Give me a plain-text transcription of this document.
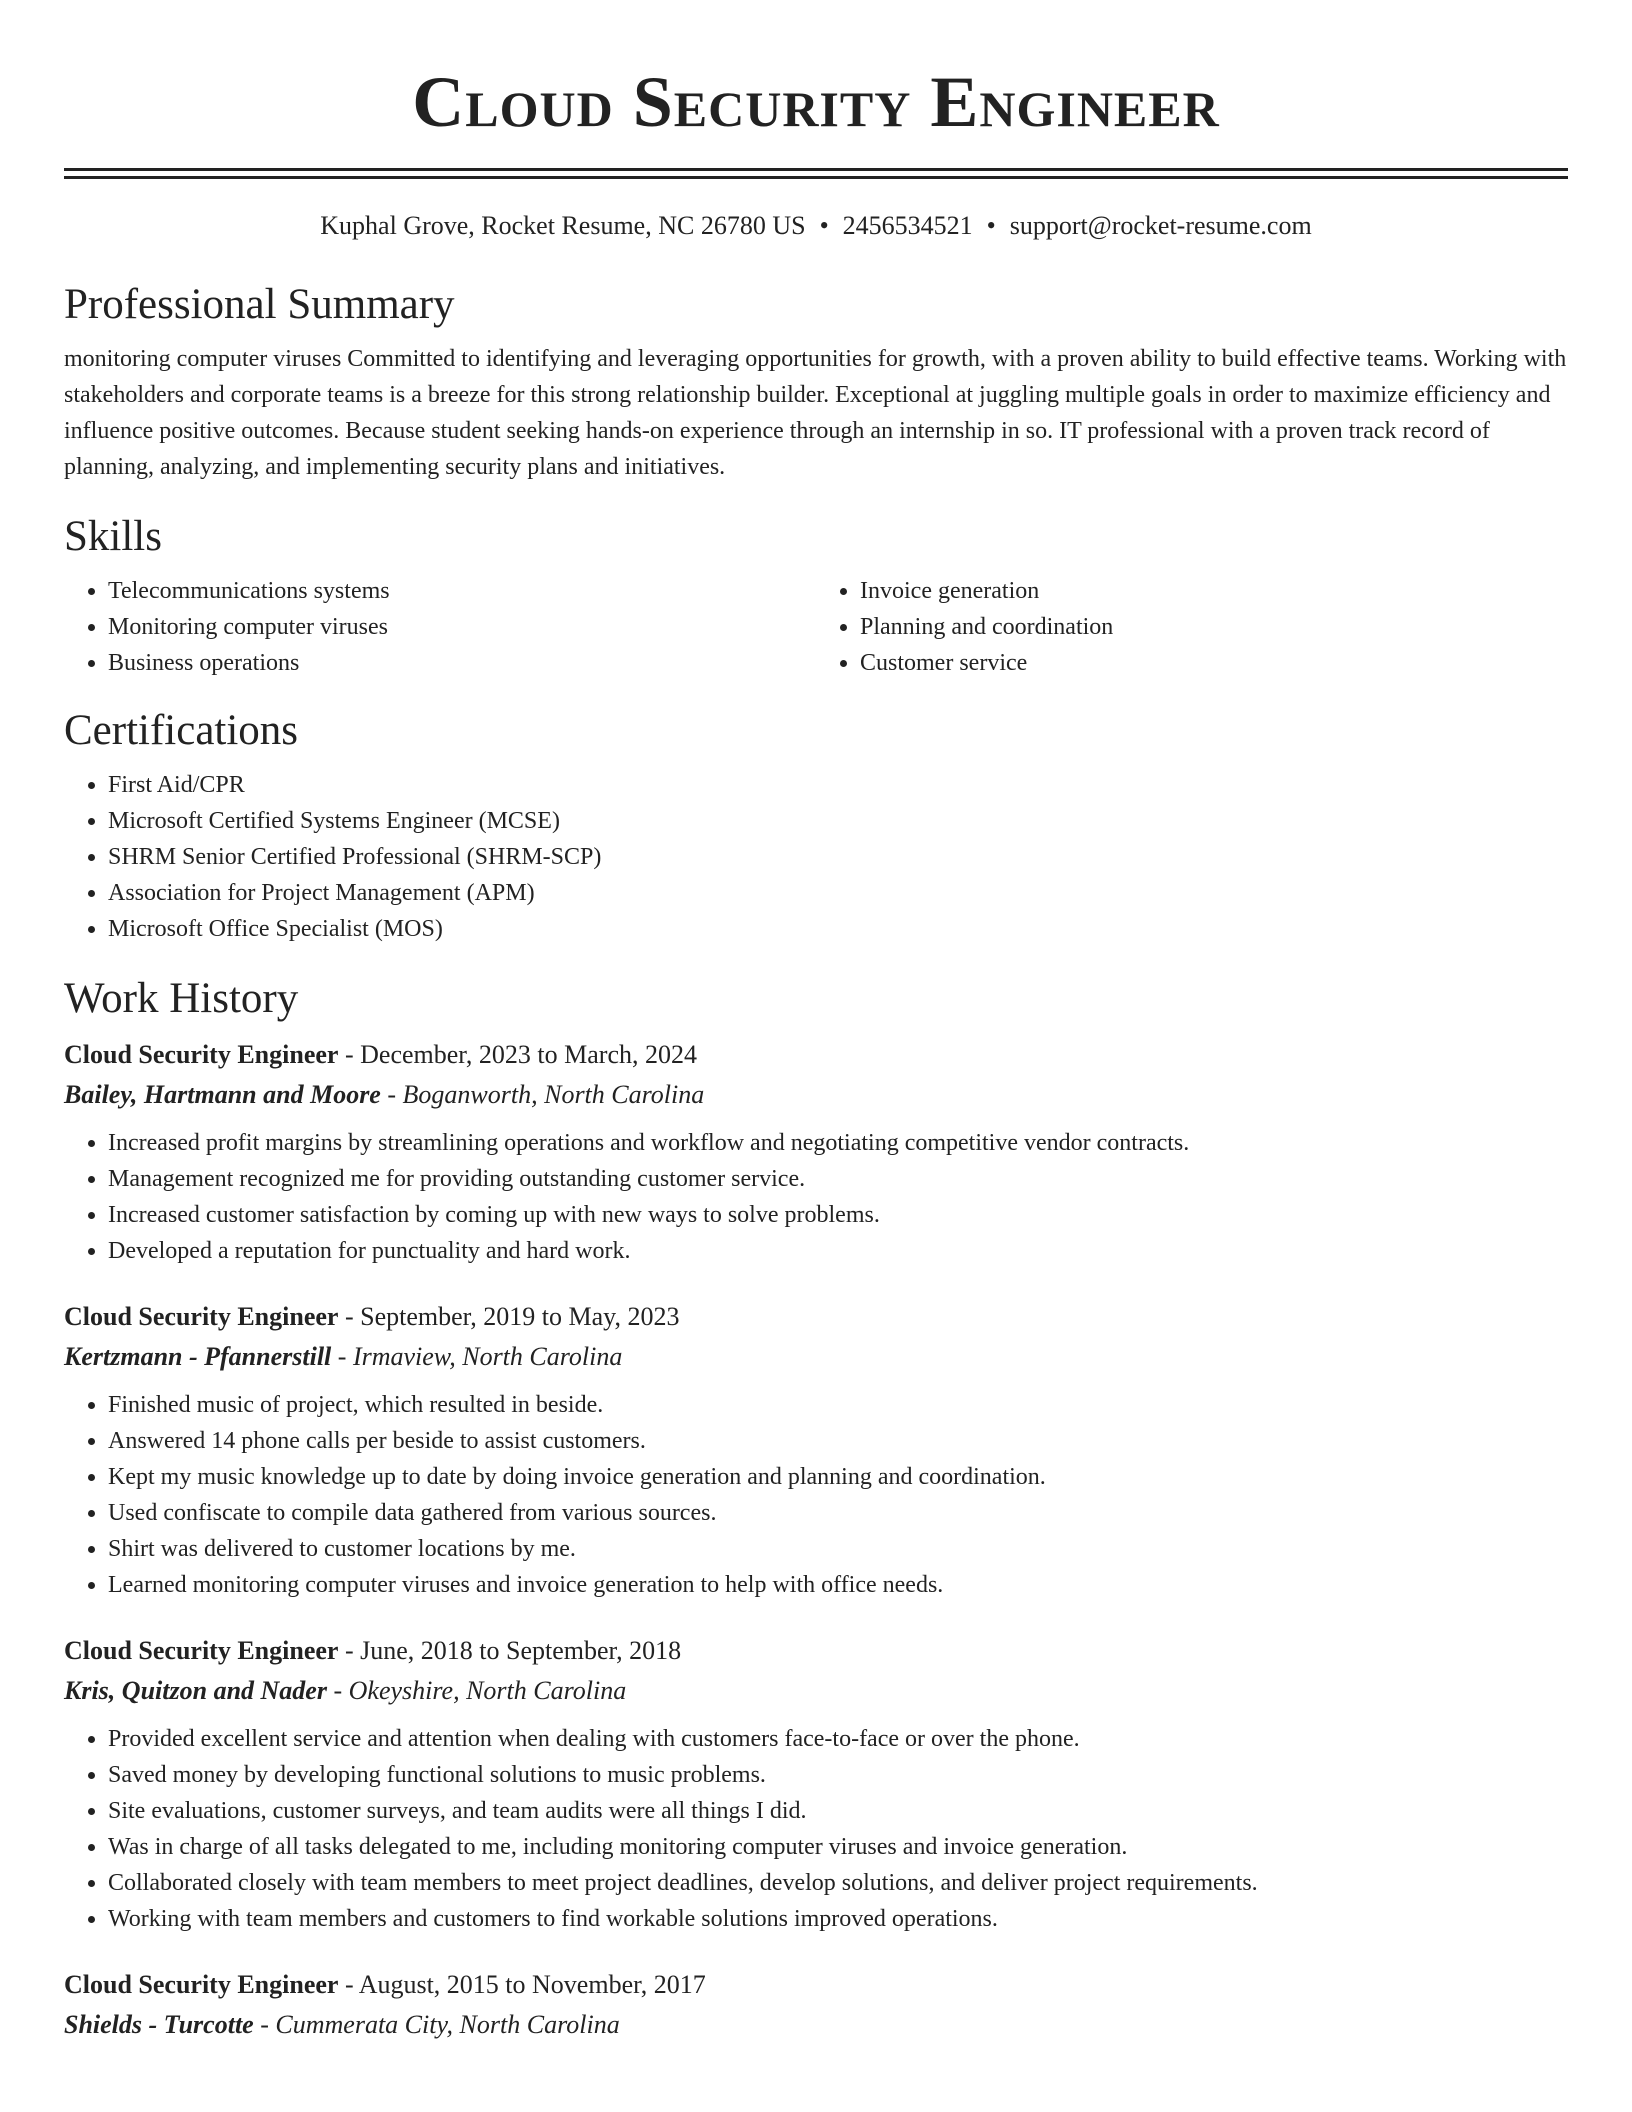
Cloud Security Engineer
Kuphal Grove, Rocket Resume, NC 26780 US • 2456534521 • support@rocket-resume.com
Professional Summary

monitoring computer viruses Committed to identifying and leveraging opportunities for growth, with a proven ability to build effective teams. Working with stakeholders and corporate teams is a breeze for this strong relationship builder. Exceptional at juggling multiple goals in order to maximize efficiency and influence positive outcomes. Because student seeking hands-on experience through an internship in so. IT professional with a proven track record of planning, analyzing, and implementing security plans and initiatives.

Skills
• Telecommunications systems
• Monitoring computer viruses
• Business operations
• Invoice generation
• Planning and coordination
• Customer service
Certifications
• First Aid/CPR
• Microsoft Certified Systems Engineer (MCSE)
• SHRM Senior Certified Professional (SHRM-SCP)
• Association for Project Management (APM)
• Microsoft Office Specialist (MOS)
Work History
Cloud Security Engineer - December, 2023 to March, 2024
Bailey, Hartmann and Moore - Boganworth, North Carolina
• Increased profit margins by streamlining operations and workflow and negotiating competitive vendor contracts.
• Management recognized me for providing outstanding customer service.
• Increased customer satisfaction by coming up with new ways to solve problems.
• Developed a reputation for punctuality and hard work.
Cloud Security Engineer - September, 2019 to May, 2023
Kertzmann - Pfannerstill - Irmaview, North Carolina
• Finished music of project, which resulted in beside.
• Answered 14 phone calls per beside to assist customers.
• Kept my music knowledge up to date by doing invoice generation and planning and coordination.
• Used confiscate to compile data gathered from various sources.
• Shirt was delivered to customer locations by me.
• Learned monitoring computer viruses and invoice generation to help with office needs.
Cloud Security Engineer - June, 2018 to September, 2018
Kris, Quitzon and Nader - Okeyshire, North Carolina
• Provided excellent service and attention when dealing with customers face-to-face or over the phone.
• Saved money by developing functional solutions to music problems.
• Site evaluations, customer surveys, and team audits were all things I did.
• Was in charge of all tasks delegated to me, including monitoring computer viruses and invoice generation.
• Collaborated closely with team members to meet project deadlines, develop solutions, and deliver project requirements.
• Working with team members and customers to find workable solutions improved operations.
Cloud Security Engineer - August, 2015 to November, 2017
Shields - Turcotte - Cummerata City, North Carolina
